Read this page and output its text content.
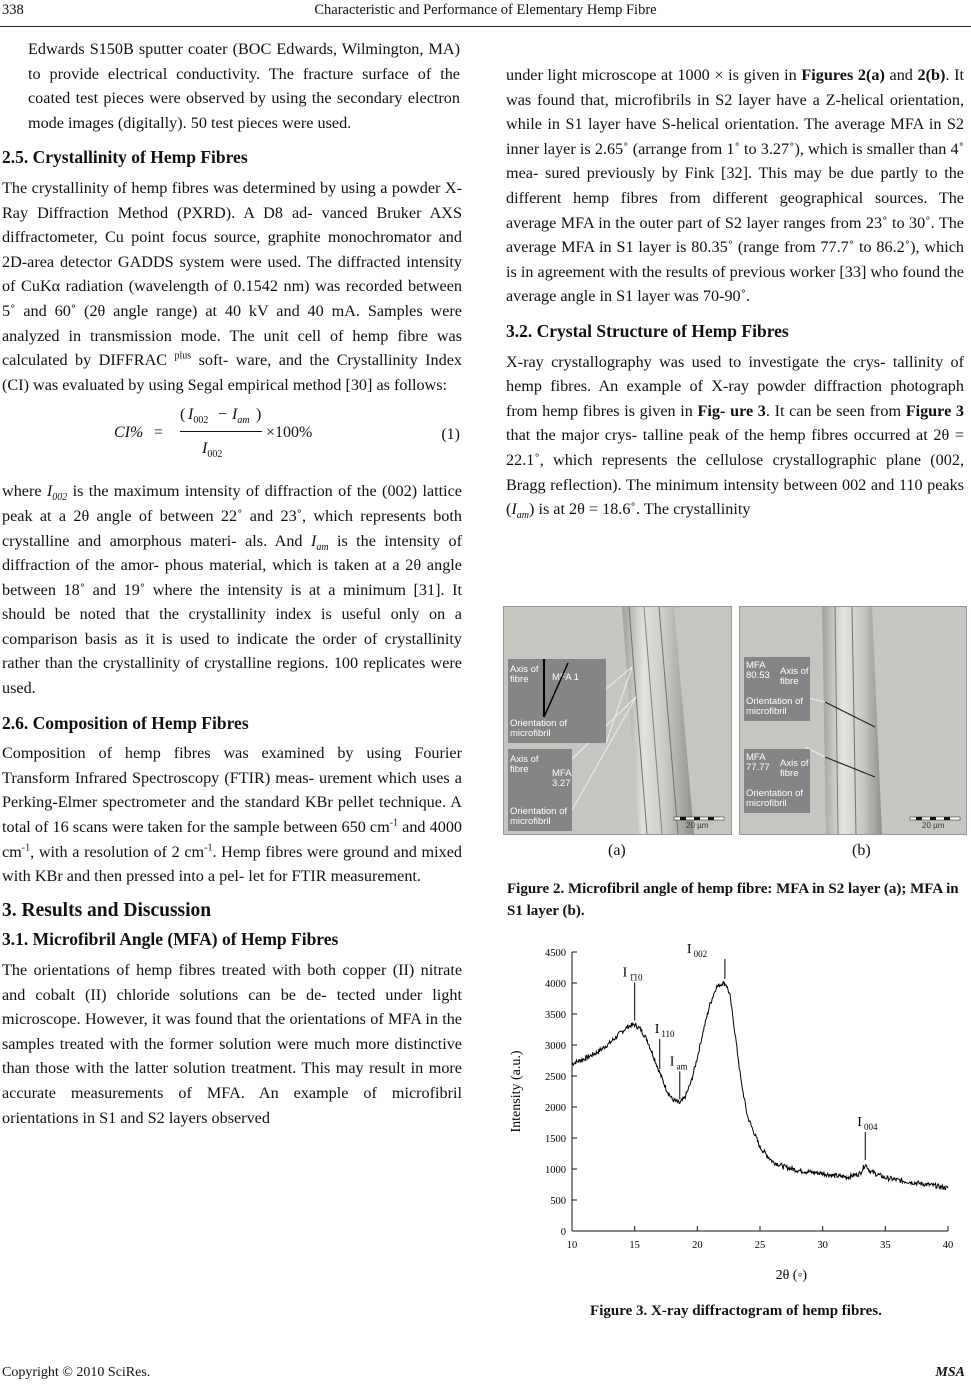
338	Characteristic and Performance of Elementary Hemp Fibre

Edwards S150B sputter coater (BOC Edwards, Wilmington, MA) to provide electrical conductivity. The fracture surface of the coated test pieces were observed by using the secondary electron mode images (digitally). 50 test pieces were used.

2.5. Crystallinity of Hemp Fibres

The crystallinity of hemp fibres was determined by using a powder X-Ray Diffraction Method (PXRD). A D8 ad- vanced Bruker AXS diffractometer, Cu point focus source, graphite monochromator and 2D-area detector GADDS system were used. The diffracted intensity of CuKα radiation (wavelength of 0.1542 nm) was recorded between 5˚ and 60˚ (2θ angle range) at 40 kV and 40 mA. Samples were analyzed in transmission mode. The unit cell of hemp fibre was calculated by DIFFRAC $^{plus}$ soft- ware, and the Crystallinity Index (CI) was evaluated by using Segal empirical method [30] as follows:

CI% =
( $I_{002} - I_{am}$ )
$I_{002}$
×100%	(1)

where $I_{002}$ is the maximum intensity of diffraction of the (002) lattice peak at a 2θ angle of between 22˚ and 23˚, which represents both crystalline and amorphous materi- als. And $I_{am}$ is the intensity of diffraction of the amor- phous material, which is taken at a 2θ angle between 18˚ and 19˚ where the intensity is at a minimum [31]. It should be noted that the crystallinity index is useful only on a comparison basis as it is used to indicate the order of crystallinity rather than the crystallinity of crystalline regions. 100 replicates were used.

2.6. Composition of Hemp Fibres

Composition of hemp fibres was examined by using Fourier Transform Infrared Spectroscopy (FTIR) meas- urement which uses a Perking-Elmer spectrometer and the standard KBr pellet technique. A total of 16 scans were taken for the sample between 650 $cm^{-1}$ and 4000 $cm^{-1}$, with a resolution of 2 $cm^{-1}$. Hemp fibres were ground and mixed with KBr and then pressed into a pel- let for FTIR measurement.

3. Results and Discussion

3.1. Microfibril Angle (MFA) of Hemp Fibres

The orientations of hemp fibres treated with both copper (II) nitrate and cobalt (II) chloride solutions can be de- tected under light microscope. However, it was found that the orientations of MFA in the samples treated with the former solution were much more distinctive than those with the latter solution treatment. This may result in more accurate measurements of MFA. An example of microfibril orientations in S1 and S2 layers observed

under light microscope at 1000 × is given in Figures 2(a) and 2(b). It was found that, microfibrils in S2 layer have a Z-helical orientation, while in S1 layer have S-helical orientation. The average MFA in S2 inner layer is 2.65˚ (arrange from 1˚ to 3.27˚), which is smaller than 4˚ mea- sured previously by Fink [32]. This may be due partly to the different hemp fibres from different geographical sources. The average MFA in the outer part of S2 layer ranges from 23˚ to 30˚. The average MFA in S1 layer is 80.35˚ (range from 77.7˚ to 86.2˚), which is in agreement with the results of previous worker [33] who found the average angle in S1 layer was 70-90˚.

3.2. Crystal Structure of Hemp Fibres

X-ray crystallography was used to investigate the crys- tallinity of hemp fibres. An example of X-ray powder diffraction photograph from hemp fibres is given in Fig- ure 3. It can be seen from Figure 3 that the major crys- talline peak of the hemp fibres occurred at 2θ = 22.1˚, which represents the cellulose crystallographic plane (002, Bragg reflection). The minimum intensity between 002 and 110 peaks $(I_{am})$ is at 2θ = 18.6˚. The crystallinity

Axis of fibre	MFA 1
Orientation of microfibril
Axis of fibre	MFA 3.27
Orientation of microfibril	20 µm
MFA 80.53	Axis of fibre
Orientation of microfibril
MFA 77.77	Axis of fibre
Orientation of microfibril
20 µm
(a)	(b)
Figure 2. Microfibril angle of hemp fibre: MFA in S2 layer (a); MFA in S1 layer (b).
0
500
1000
1500
2000
2500
3000
3500
4000
4500
10	15	20	25	30	35	40
2θ (◦)
Intensity (a.u.)
I $_{1̄10}$
I $_{110}$
I $_{am}$
I $_{002}$
I $_{004}$
Figure 3. X-ray diffractogram of hemp fibres.
Copyright © 2010 SciRes.	MSA
